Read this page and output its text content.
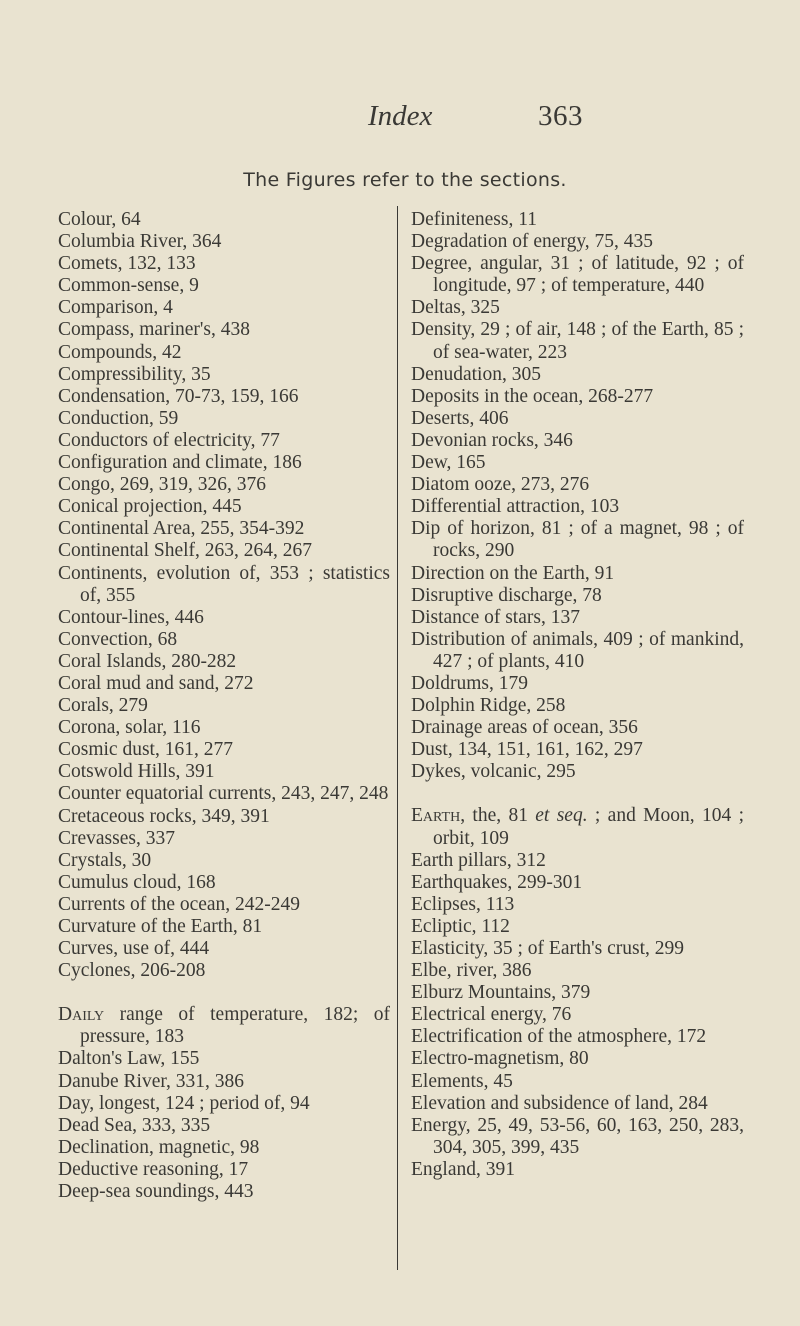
Index	363
The Figures refer to the sections.
Colour, 64
Columbia River, 364
Comets, 132, 133
Common-sense, 9
Comparison, 4
Compass, mariner's, 438
Compounds, 42
Compressibility, 35
Condensation, 70-73, 159, 166
Conduction, 59
Conductors of electricity, 77
Configuration and climate, 186
Congo, 269, 319, 326, 376
Conical projection, 445
Continental Area, 255, 354-392
Continental Shelf, 263, 264, 267
Continents, evolution of, 353 ; statistics of, 355
Contour-lines, 446
Convection, 68
Coral Islands, 280-282
Coral mud and sand, 272
Corals, 279
Corona, solar, 116
Cosmic dust, 161, 277
Cotswold Hills, 391
Counter equatorial currents, 243, 247, 248
Cretaceous rocks, 349, 391
Crevasses, 337
Crystals, 30
Cumulus cloud, 168
Currents of the ocean, 242-249
Curvature of the Earth, 81
Curves, use of, 444
Cyclones, 206-208
Daily range of temperature, 182; of pressure, 183
Dalton's Law, 155
Danube River, 331, 386
Day, longest, 124 ; period of, 94
Dead Sea, 333, 335
Declination, magnetic, 98
Deductive reasoning, 17
Deep-sea soundings, 443
Definiteness, 11
Degradation of energy, 75, 435
Degree, angular, 31 ; of latitude, 92 ; of longitude, 97 ; of temperature, 440
Deltas, 325
Density, 29 ; of air, 148 ; of the Earth, 85 ; of sea-water, 223
Denudation, 305
Deposits in the ocean, 268-277
Deserts, 406
Devonian rocks, 346
Dew, 165
Diatom ooze, 273, 276
Differential attraction, 103
Dip of horizon, 81 ; of a magnet, 98 ; of rocks, 290
Direction on the Earth, 91
Disruptive discharge, 78
Distance of stars, 137
Distribution of animals, 409 ; of mankind, 427 ; of plants, 410
Doldrums, 179
Dolphin Ridge, 258
Drainage areas of ocean, 356
Dust, 134, 151, 161, 162, 297
Dykes, volcanic, 295
Earth, the, 81 et seq. ; and Moon, 104 ; orbit, 109
Earth pillars, 312
Earthquakes, 299-301
Eclipses, 113
Ecliptic, 112
Elasticity, 35 ; of Earth's crust, 299
Elbe, river, 386
Elburz Mountains, 379
Electrical energy, 76
Electrification of the atmosphere, 172
Electro-magnetism, 80
Elements, 45
Elevation and subsidence of land, 284
Energy, 25, 49, 53-56, 60, 163, 250, 283, 304, 305, 399, 435
England, 391
